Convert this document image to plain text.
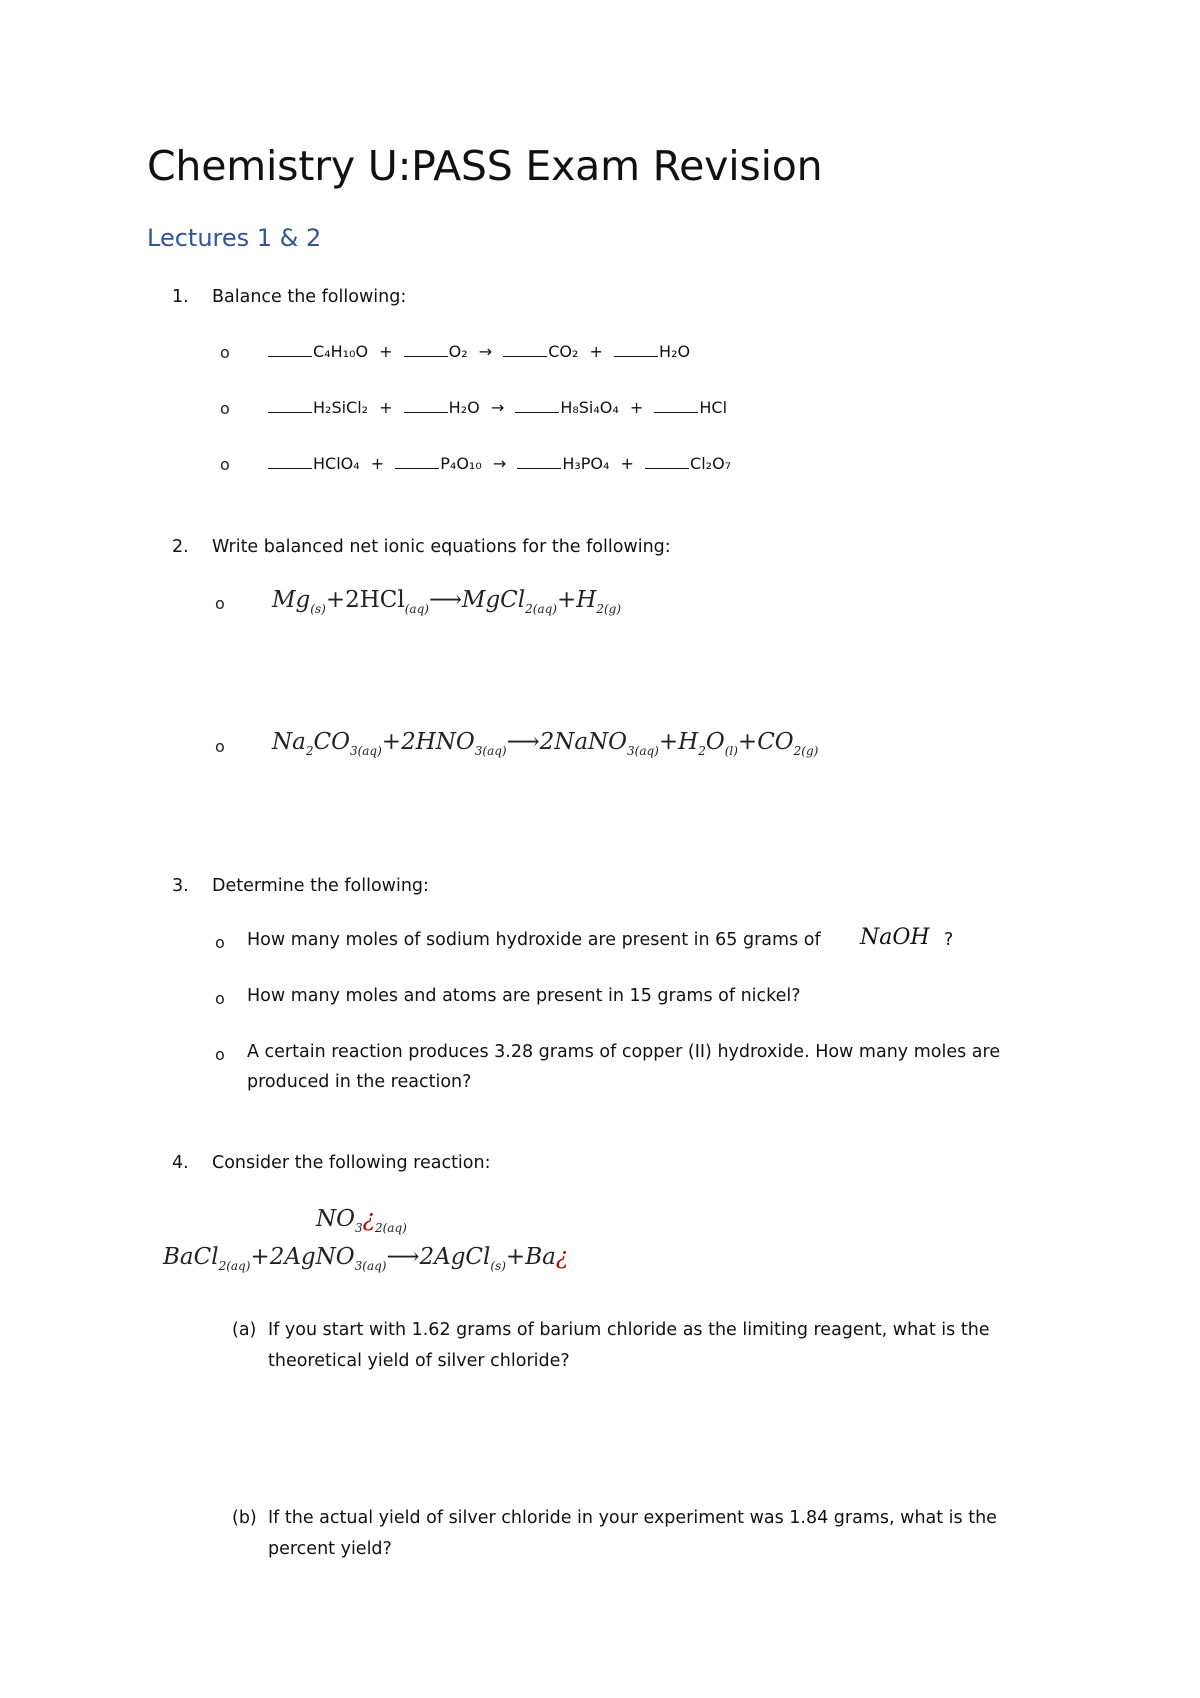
Chemistry U:PASS Exam Revision
Lectures 1 & 2
1. Balance the following:
o	C₄H₁₀O +	O₂ →	CO₂ +	H₂O
o	H₂SiCl₂ +	H₂O →	H₈Si₄O₄ +	HCl
o	HClO₄ +	P₄O₁₀ →	H₃PO₄ +	Cl₂O₇
2. Write balanced net ionic equations for the following:
o $Mg_{(s)}+2HCl_{(aq)}⟶MgCl_{2(aq)}+H_{2(g)}$
o $Na_2CO_{3(aq)}+2HNO_{3(aq)}⟶2NaNO_{3(aq)}+H_2O_{(l)}+CO_{2(g)}$
3. Determine the following:
o How many moles of sodium hydroxide are present in 65 grams of NaOH ?
o How many moles and atoms are present in 15 grams of nickel?
o A certain reaction produces 3.28 grams of copper (II) hydroxide. How many moles are
produced in the reaction?
4. Consider the following reaction:
$NO_3¿_{2(aq)}$
BaCl$_{2(aq)}$+2AgNO$_{3(aq)}$⟶2AgCl$_{(s)}$+Ba¿
(a) If you start with 1.62 grams of barium chloride as the limiting reagent, what is the
theoretical yield of silver chloride?
(b) If the actual yield of silver chloride in your experiment was 1.84 grams, what is the
percent yield?
